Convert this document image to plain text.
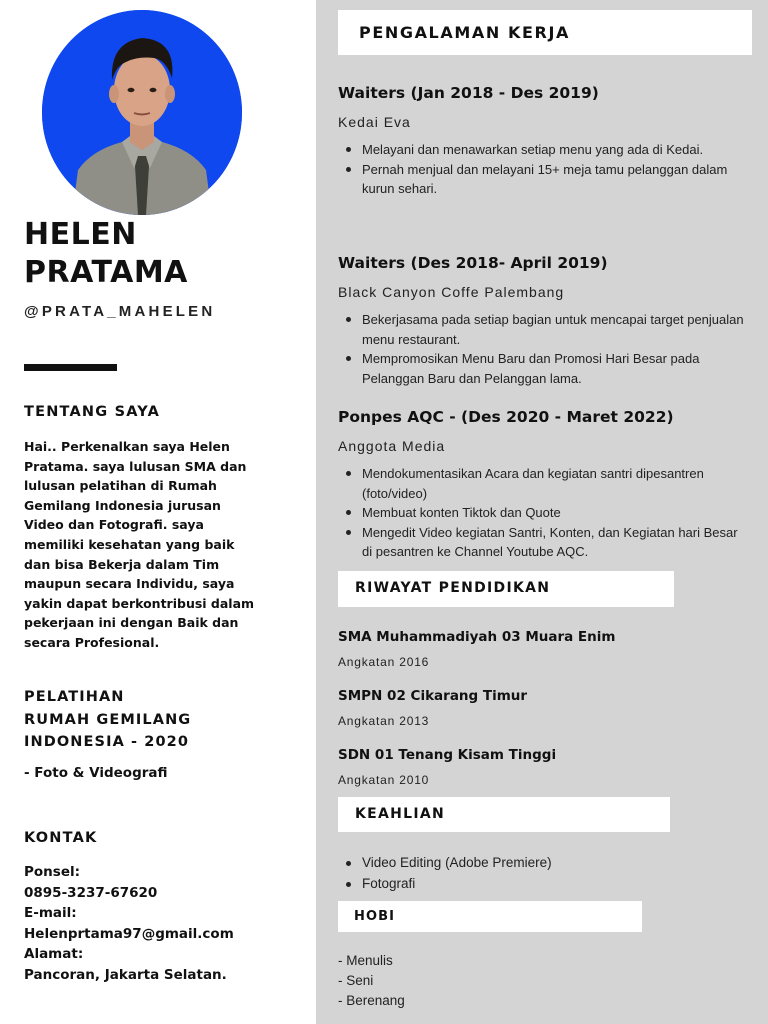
HELEN
PRATAMA
@PRATA_MAHELEN
TENTANG SAYA
Hai.. Perkenalkan saya Helen Pratama. saya lulusan SMA dan lulusan pelatihan di Rumah Gemilang Indonesia jurusan Video dan Fotografi. saya memiliki kesehatan yang baik dan bisa Bekerja dalam Tim maupun secara Individu, saya yakin dapat berkontribusi dalam pekerjaan ini dengan Baik dan secara Profesional.
PELATIHAN
RUMAH GEMILANG
INDONESIA - 2020
- Foto & Videografi
KONTAK
Ponsel:
0895-3237-67620
E-mail:
Helenprtama97@gmail.com
Alamat:
Pancoran, Jakarta Selatan.
PENGALAMAN KERJA
Waiters (Jan 2018 - Des 2019)
Kedai Eva
Melayani dan menawarkan setiap menu yang ada di Kedai.
Pernah menjual dan melayani 15+ meja tamu pelanggan dalam kurun sehari.
Waiters (Des 2018- April 2019)
Black Canyon Coffe Palembang
Bekerjasama pada setiap bagian untuk mencapai target penjualan menu restaurant.
Mempromosikan Menu Baru dan Promosi Hari Besar pada Pelanggan Baru dan Pelanggan lama.
Ponpes AQC - (Des 2020 - Maret 2022)
Anggota Media
Mendokumentasikan Acara dan kegiatan santri dipesantren (foto/video)
Membuat konten Tiktok dan Quote
Mengedit Video kegiatan Santri, Konten, dan Kegiatan hari Besar di pesantren ke Channel Youtube AQC.
RIWAYAT PENDIDIKAN
SMA Muhammadiyah 03 Muara Enim
Angkatan 2016
SMPN 02 Cikarang Timur
Angkatan 2013
SDN 01 Tenang Kisam Tinggi
Angkatan 2010
KEAHLIAN
Video Editing (Adobe Premiere)
Fotografi
HOBI
- Menulis
- Seni
- Berenang
